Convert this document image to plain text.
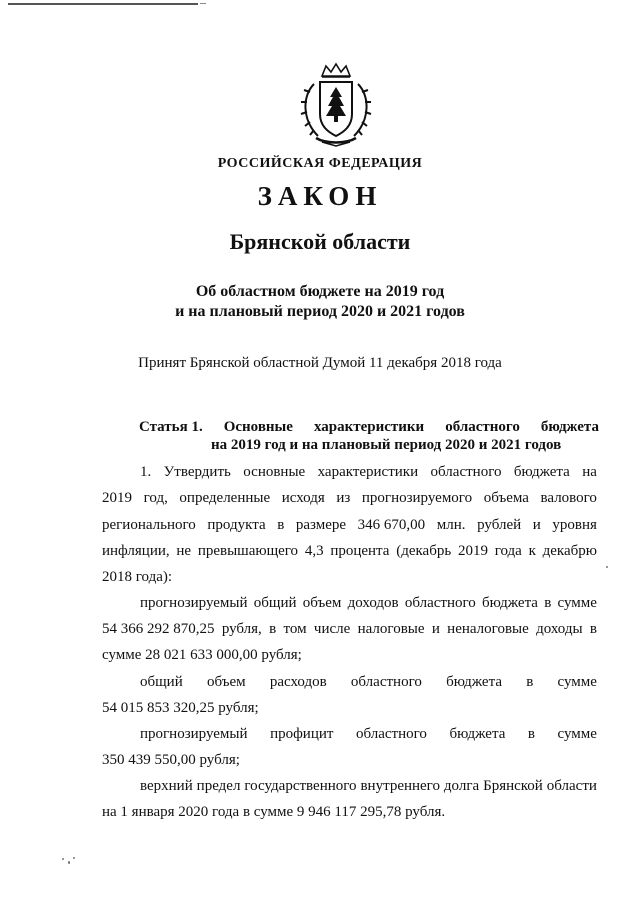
РОССИЙСКАЯ ФЕДЕРАЦИЯ
ЗАКОН
Брянской области
Об областном бюджете на 2019 год
и на плановый период 2020 и 2021 годов
Принят Брянской областной Думой 11 декабря 2018 года
Статья 1. Основные характеристики областного бюджета
на 2019 год и на плановый период 2020 и 2021 годов
1. Утвердить основные характеристики областного бюджета на
2019 год, определенные исходя из прогнозируемого объема валового
регионального продукта в размере 346 670,00 млн. рублей и уровня
инфляции, не превышающего 4,3 процента (декабрь 2019 года к декабрю
2018 года):
прогнозируемый общий объем доходов областного бюджета в сумме
54 366 292 870,25 рубля, в том числе налоговые и неналоговые доходы в
сумме 28 021 633 000,00 рубля;
общий объем расходов областного бюджета в сумме
54 015 853 320,25 рубля;
прогнозируемый профицит областного бюджета в сумме
350 439 550,00 рубля;
верхний предел государственного внутреннего долга Брянской области
на 1 января 2020 года в сумме 9 946 117 295,78 рубля.
